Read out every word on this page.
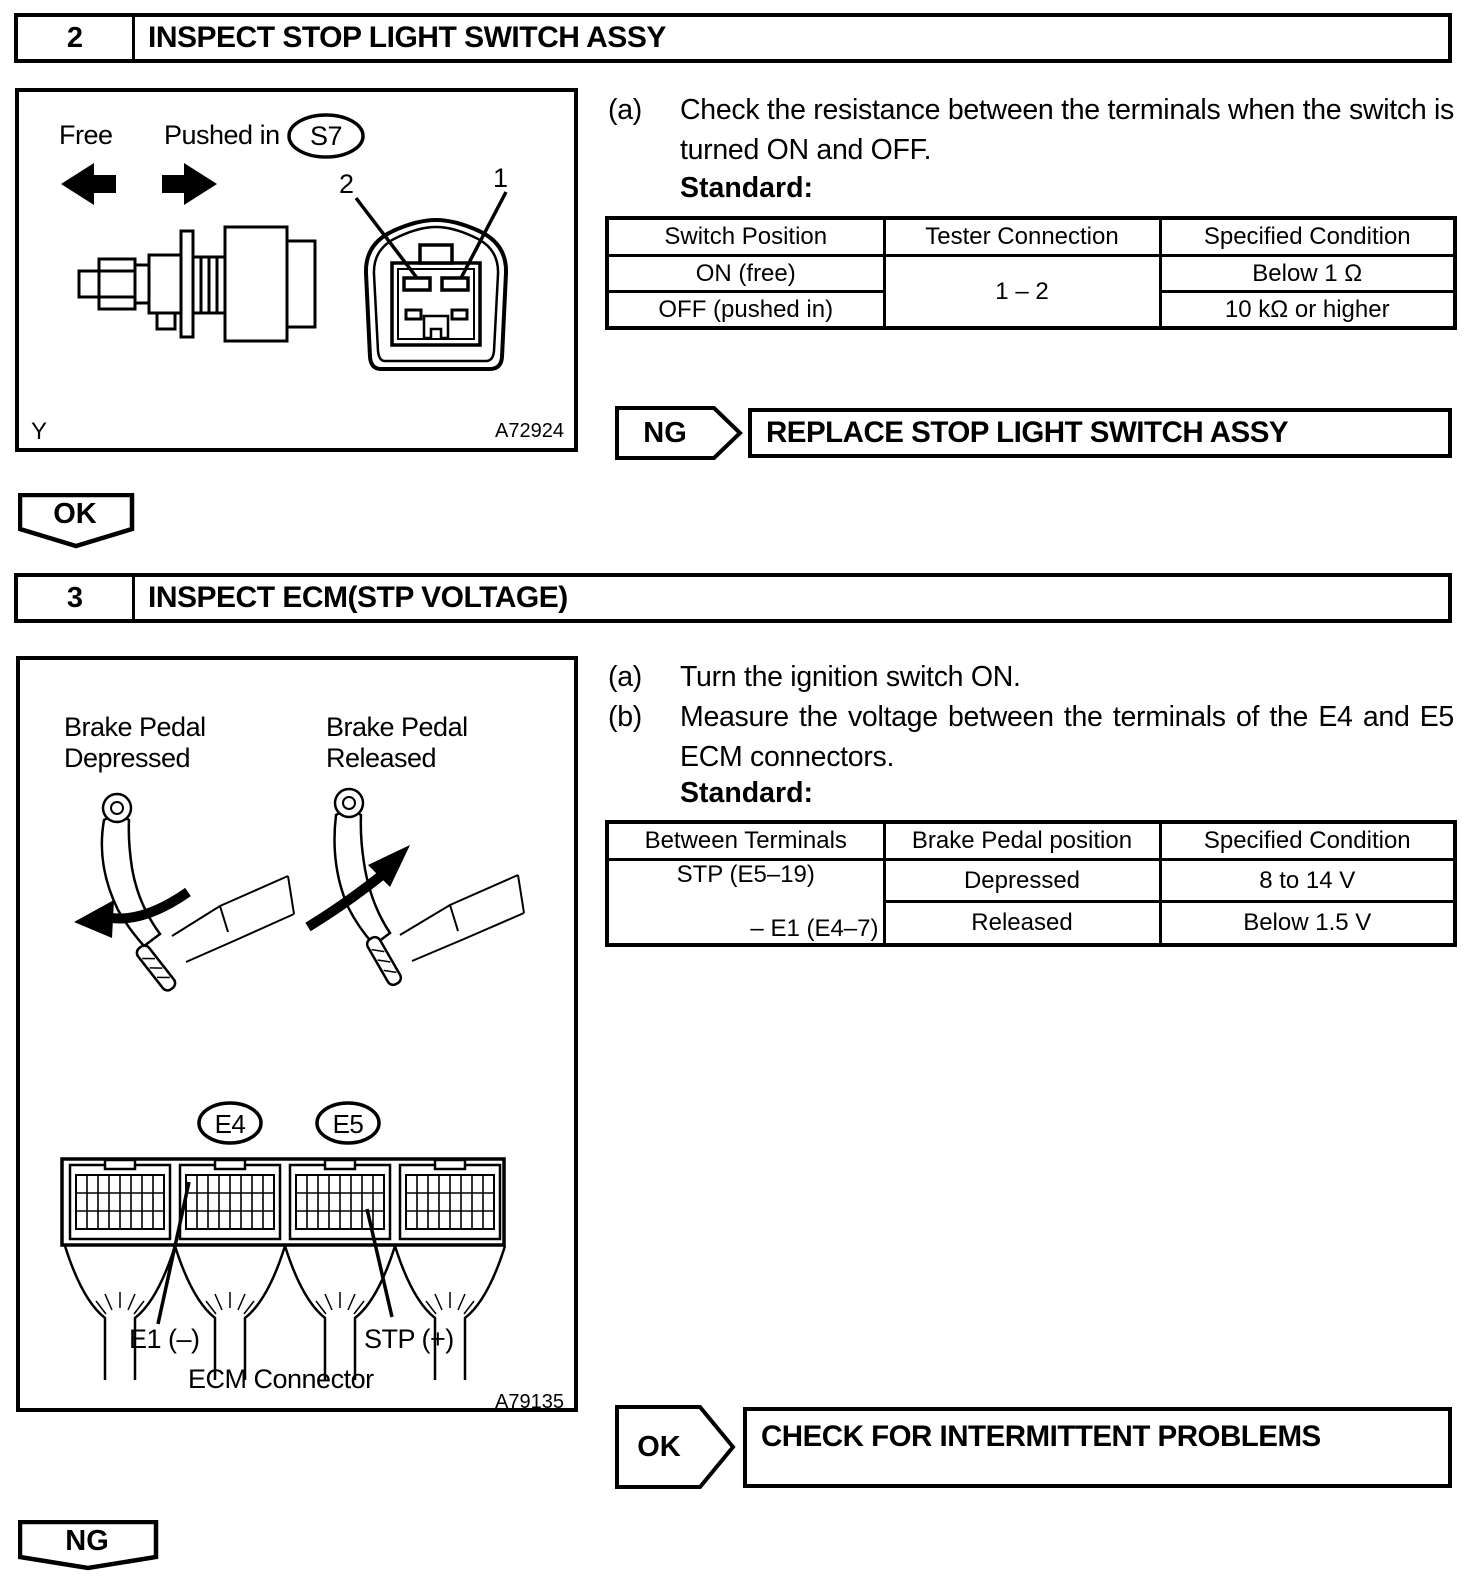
2	INSPECT STOP LIGHT SWITCH ASSY
Free Pushed in	S7
2	1
Y	A72924
(a) Check the resistance between the terminals when the switch is turned ON and OFF.
Standard:
Switch Position	Tester Connection	Specified Condition
ON (free)	1 – 2	Below 1 Ω
OFF (pushed in)		10 kΩ or higher
NG	REPLACE STOP LIGHT SWITCH ASSY
OK
3	INSPECT ECM(STP VOLTAGE)
Brake Pedal Depressed
Brake Pedal Released
E4	E5
E1 (–)	STP (+)
ECM Connector
A79135
(a) Turn the ignition switch ON.
(b) Measure the voltage between the terminals of the E4 and E5 ECM connectors.
Standard:
Between Terminals	Brake Pedal position	Specified Condition
STP (E5–19)
– E1 (E4–7)	Depressed	8 to 14 V
	Released	Below 1.5 V
OK	CHECK FOR INTERMITTENT PROBLEMS
NG
